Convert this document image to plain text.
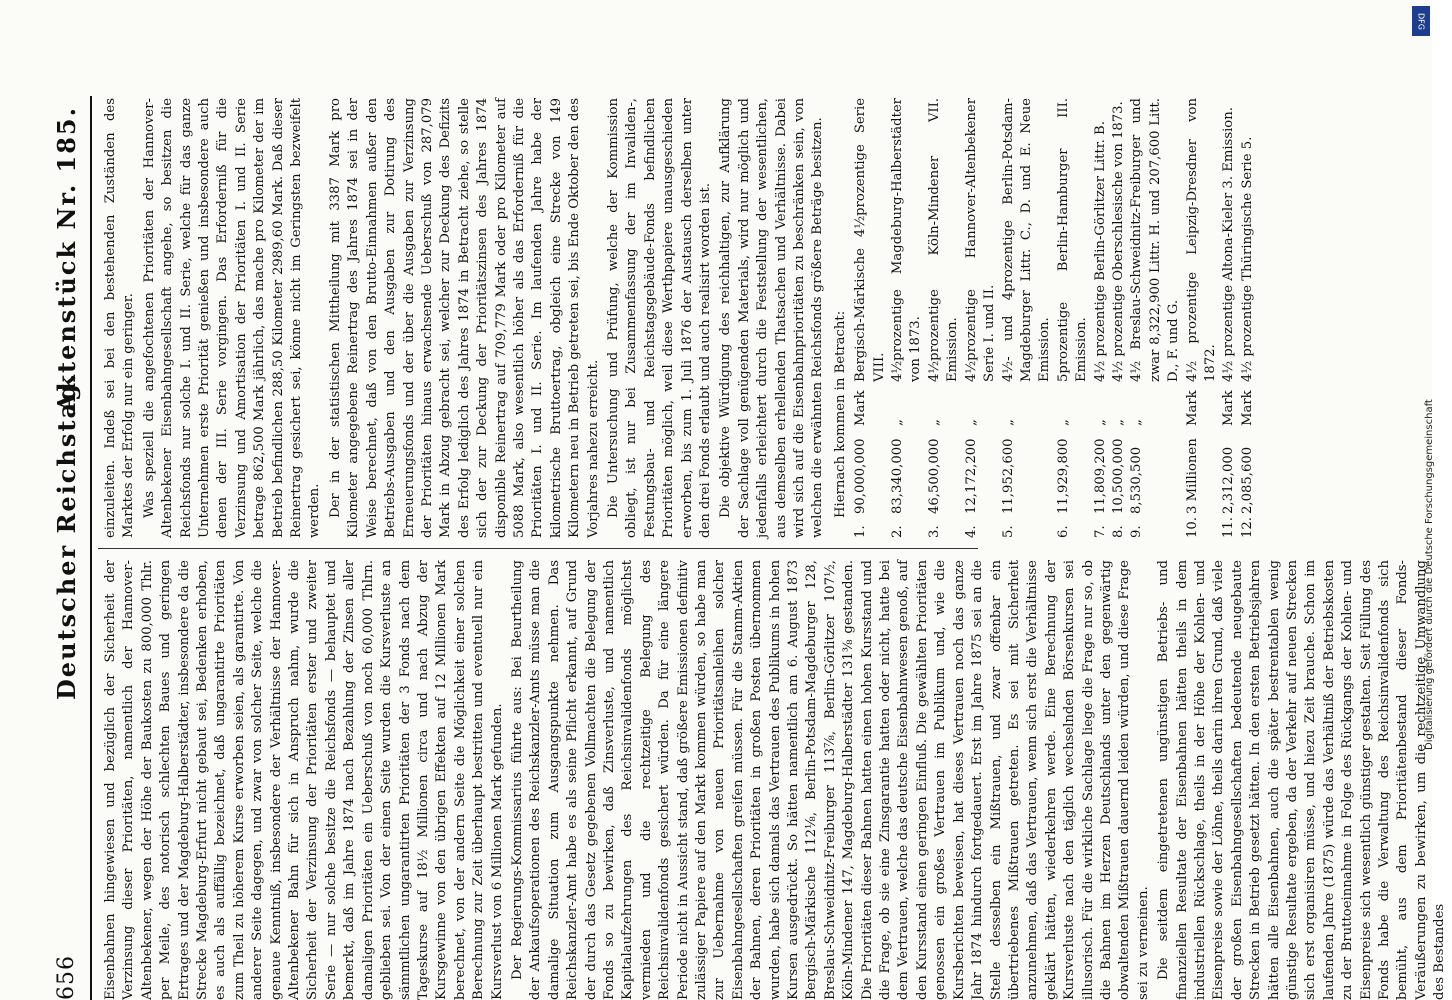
656
Deutscher Reichstag.
Aktenstück Nr. 185.

Eisenbahnen hingewiesen und bezüglich der Sicherheit der Verzinsung dieser Prioritäten, namentlich der Hannover-Altenbekener, wegen der Höhe der Baukosten zu 800,000 Thlr. per Meile, des notorisch schlechten Baues und geringen Ertrages und der Magdeburg-Halberstädter, insbesondere da die Strecke Magdeburg-Erfurt nicht gebaut sei, Bedenken erhoben, es auch als auffällig bezeichnet, daß ungarantirte Prioritäten zum Theil zu höherem Kurse erworben seien, als garantirte. Von anderer Seite dagegen, und zwar von solcher Seite, welche die genaue Kenntniß, insbesondere der Verhältnisse der Hannover-Altenbekener Bahn für sich in Anspruch nahm, wurde die Sicherheit der Verzinsung der Prioritäten erster und zweiter Serie — nur solche besitze die Reichsfonds — behauptet und bemerkt, daß im Jahre 1874 nach Bezahlung der Zinsen aller damaligen Prioritäten ein Ueberschuß von noch 60,000 Thlrn. geblieben sei. Von der einen Seite wurden die Kursverluste an sämmtlichen ungarantirten Prioritäten der 3 Fonds nach dem Tageskurse auf 18½ Millionen circa und nach Abzug der Kursgewinne von den übrigen Effekten auf 12 Millionen Mark berechnet, von der andern Seite die Möglichkeit einer solchen Berechnung zur Zeit überhaupt bestritten und eventuell nur ein Kursverlust von 6 Millionen Mark gefunden. Der Regierungs-Kommissarius führte aus: Bei Beurtheilung der Ankaufsoperationen des Reichskanzler-Amts müsse man die damalige Situation zum Ausgangspunkte nehmen. Das Reichskanzler-Amt habe es als seine Pflicht erkannt, auf Grund der durch das Gesetz gegebenen Vollmachten die Belegung der Fonds so zu bewirken, daß Zinsverluste, und namentlich Kapitalaufzehrungen des Reichsinvalidenfonds möglichst vermieden und die rechtzeitige Belegung des Reichsinvalidenfonds gesichert würden. Da für eine längere Periode nicht in Aussicht stand, daß größere Emissionen definitiv zulässiger Papiere auf den Markt kommen würden, so habe man zur Uebernahme von neuen Prioritätsanleihen solcher Eisenbahngesellschaften greifen müssen. Für die Stamm-Aktien der Bahnen, deren Prioritäten in großen Posten übernommen wurden, habe sich damals das Vertrauen des Publikums in hohen Kursen ausgedrückt. So hätten namentlich am 6. August 1873 Bergisch-Märkische 112⅛, Berlin-Potsdam-Magdeburger 128, Breslau-Schweidnitz-Freiburger 113⅞, Berlin-Görlitzer 107½, Köln-Mindener 147, Magdeburg-Halberstädter 131⅜ gestanden. Die Prioritäten dieser Bahnen hatten einen hohen Kursstand und die Frage, ob sie eine Zinsgarantie hatten oder nicht, hatte bei dem Vertrauen, welche das deutsche Eisenbahnwesen genoß, auf den Kursstand einen geringen Einfluß. Die gewählten Prioritäten genossen ein großes Vertrauen im Publikum und, wie die Kursberichten beweisen, hat dieses Vertrauen noch das ganze Jahr 1874 hindurch fortgedauert. Erst im Jahre 1875 sei an die Stelle desselben ein Mißtrauen, und zwar offenbar ein übertriebenes Mißtrauen getreten. Es sei mit Sicherheit anzunehmen, daß das Vertrauen, wenn sich erst die Verhältnisse geklärt hätten, wiederkehren werde. Eine Berechnung der Kursverluste nach den täglich wechselnden Börsenkursen sei illusorisch. Für die wirkliche Sachlage liege die Frage nur so, ob die Bahnen im Herzen Deutschlands unter den gegenwärtig obwaltenden Mißtrauen dauernd leiden würden, und diese Frage sei zu verneinen. Die seitdem eingetretenen ungünstigen Betriebs- und finanziellen Resultate der Eisenbahnen hätten theils in dem industriellen Rückschlage, theils in der Höhe der Kohlen- und Eisenpreise sowie der Löhne, theils darin ihren Grund, daß viele der großen Eisenbahngesellschaften bedeutende neugebaute Strecken in Betrieb gesetzt hätten. In den ersten Betriebsjahren hätten alle Eisenbahnen, auch die später bestrentablen wenig günstige Resultate ergeben, da der Verkehr auf neuen Strecken sich erst organisiren müsse, und hiezu Zeit brauche. Schon im laufenden Jahre (1875) würde das Verhältniß der Betriebskosten zu der Bruttoeinnahme in Folge des Rückgangs der Kohlen- und Eisenpreise sich wesentlich günstiger gestalten. Seit Füllung des Fonds habe die Verwaltung des Reichsinvalidenfonds sich bemüht, aus dem Prioritätenbestand dieser Fonds-Veräußerungen zu bewirken, um die rechtzeitige Umwandlung des Bestandes

einzuleiten. Indeß sei bei den bestehenden Zuständen des Marktes der Erfolg nur ein geringer. Was speziell die angefochtenen Prioritäten der Hannover-Altenbekener Eisenbahngesellschaft angehe, so besitzen die Reichsfonds nur solche I. und II. Serie, welche für das ganze Unternehmen erste Priorität genießen und insbesondere auch denen der III. Serie vorgingen. Das Erforderniß für die Verzinsung und Amortisation der Prioritäten I. und II. Serie betrage 862,500 Mark jährlich, das mache pro Kilometer der im Betrieb befindlichen 288,50 Kilometer 2989,60 Mark. Daß dieser Reinertrag gesichert sei, könne nicht im Geringsten bezweifelt werden. Der in der statistischen Mittheilung mit 3387 Mark pro Kilometer angegebene Reinertrag des Jahres 1874 sei in der Weise berechnet, daß von den Brutto-Einnahmen außer den Betriebs-Ausgaben und den Ausgaben zur Dotirung des Erneuerungsfonds und der über die Ausgaben zur Verzinsung der Prioritäten hinaus erwachsende Ueberschuß von 287,079 Mark in Abzug gebracht sei, welcher zur Deckung des Defizits des Erfolg lediglich des Jahres 1874 in Betracht ziehe, so stelle sich der zur Deckung der Prioritätszinsen des Jahres 1874 disponible Reinertrag auf 709,779 Mark oder pro Kilometer auf 5088 Mark, also wesentlich höher als das Erforderniß für die Prioritäten I. und II. Serie. Im laufenden Jahre habe der kilometrische Bruttoertrag, obgleich eine Strecke von 149 Kilometern neu in Betrieb getreten sei, bis Ende Oktober den des Vorjahres nahezu erreicht. Die Untersuchung und Prüfung, welche der Kommission obliegt, ist nur bei Zusammenfassung der im Invaliden-, Festungsbau- und Reichstagsgebäude-Fonds befindlichen Prioritäten möglich, weil diese Werthpapiere unausgeschieden erworben, bis zum 1. Juli 1876 der Austausch derselben unter den drei Fonds erlaubt und auch realisirt worden ist. Die objektive Würdigung des reichhaltigen, zur Aufklärung der Sachlage voll genügenden Materials, wird nur möglich und jedenfalls erleichtert durch die Feststellung der wesentlichen, aus demselben erhellenden Thatsachen und Verhältnisse. Dabei wird sich auf die Eisenbahnprioritäten zu beschränken sein, von welchen die erwähnten Reichsfonds größere Beträge besitzen. Hiernach kommen in Betracht:
1.
90,000,000
Mark
Bergisch-Märkische 4½prozentige Serie VIII.
2.
83,340,000
„
4½prozentige Magdeburg-Halberstädter von 1873.
3.
46,500,000
„
4½prozentige Köln-Mindener VII. Emission.
4.
12,172,200
„
4½prozentige Hannover-Altenbekener Serie I. und II.
5.
11,952,600
„
4½- und 4prozentige Berlin-Potsdam-Magdeburger Littr. C., D. und E. Neue Emission.
6.
11,929,800
„
5prozentige Berlin-Hamburger III. Emission.
7.
11,809,200
„
4½ prozentige Berlin-Görlitzer Littr. B.
8.
10,500,000
„
4½ prozentige Oberschlesische von 1873.
9.
8,530,500
„
4½ Breslau-Schweidnitz-Freiburger und zwar 8,322,900 Littr. H. und 207,600 Litt. D., F. und G.
10.
3 Millionen
Mark
4½ prozentige Leipzig-Dresdner von 1872.
11.
2,312,000
Mark
4½ prozentige Altona-Kieler 3. Emission.
12.
2,085,600
Mark
4½ prozentige Thüringische Serie 5.
Digitalisierung gefördert durch die Deutsche Forschungsgemeinschaft
DFG
